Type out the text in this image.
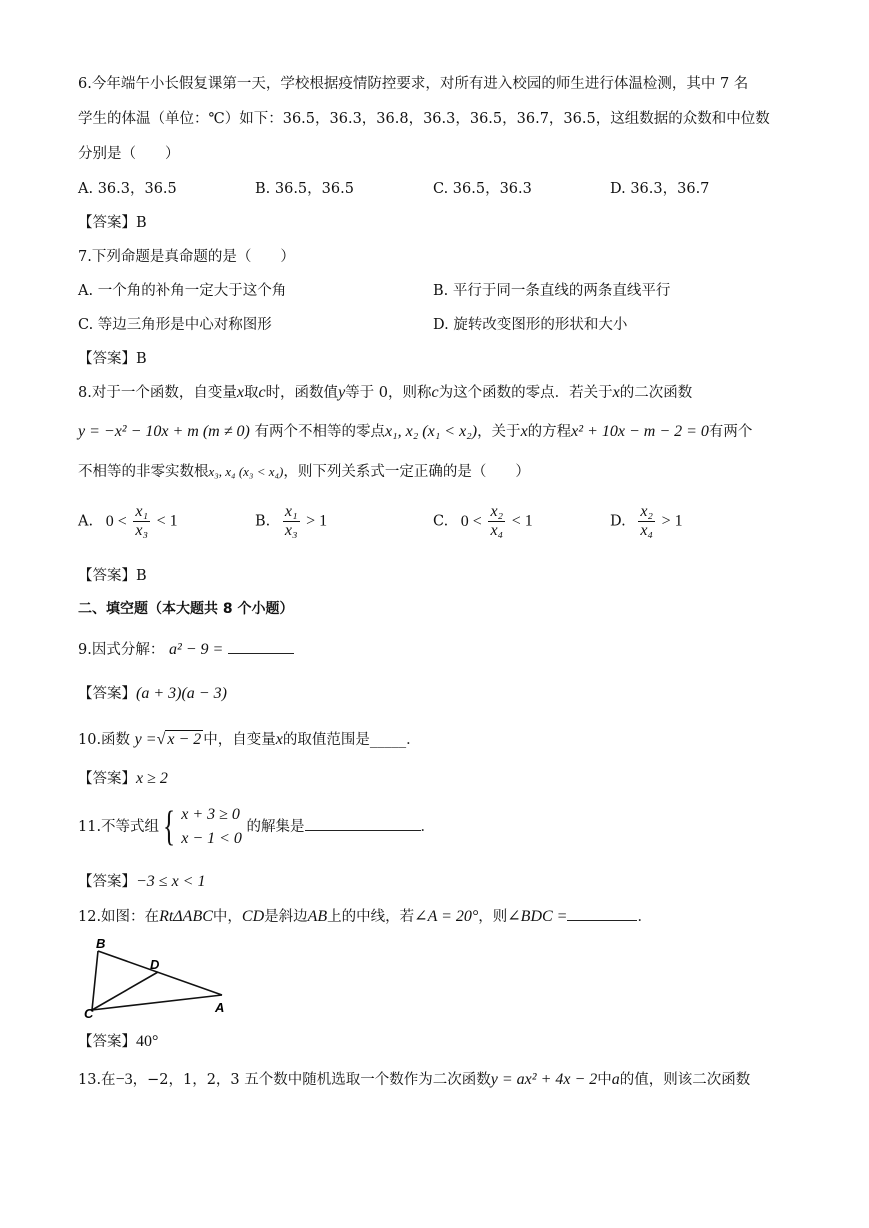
6.今年端午小长假复课第一天，学校根据疫情防控要求，对所有进入校园的师生进行体温检测，其中 7 名
学生的体温（单位：℃）如下：36.5，36.3，36.8，36.3，36.5，36.7，36.5，这组数据的众数和中位数
分别是（　　）
A. 36.3，36.5	B. 36.5，36.5	C. 36.5，36.3	D. 36.3，36.7
【答案】B
7.下列命题是真命题的是（　　）
A. 一个角的补角一定大于这个角	B. 平行于同一条直线的两条直线平行
C. 等边三角形是中心对称图形	D. 旋转改变图形的形状和大小
【答案】B
8.对于一个函数，自变量x取c时，函数值y等于 0，则称c为这个函数的零点．若关于x的二次函数
y = −x² − 10x + m (m ≠ 0) 有两个不相等的零点x₁, x₂ (x₁ < x₂)，关于x的方程x² + 10x − m − 2 = 0有两个
不相等的非零实数根x₃, x₄ (x₃ < x₄)，则下列关系式一定正确的是（　　）
A. $0 < \frac{\text{x₁}}{\text{x₃}} < 1$	B. $\frac{\text{x₁}}{\text{x₃}} > 1$	C. $0 < \frac{\text{x₂}}{\text{x₄}} < 1$	D. $\frac{\text{x₂}}{\text{x₄}} > 1$
【答案】B
二、填空题（本大题共 8 个小题）
9.因式分解： a² − 9 =
【答案】(a + 3)(a − 3)
10.函数 y =√ x − 2 中，自变量x的取值范围是_____．
【答案】x ≥ 2
11.不等式组{ x + 3 ≥ 0
x − 1 < 0
的解集是	．
【答案】−3 ≤ x < 1
12.如图：在RtΔABC中，CD是斜边AB上的中线，若∠A = 20°，则∠BDC =	．
B
D
C	A
【答案】40°
13.在−3，−2，1，2，3 五个数中随机选取一个数作为二次函数y = ax² + 4x − 2中a的值，则该二次函数
